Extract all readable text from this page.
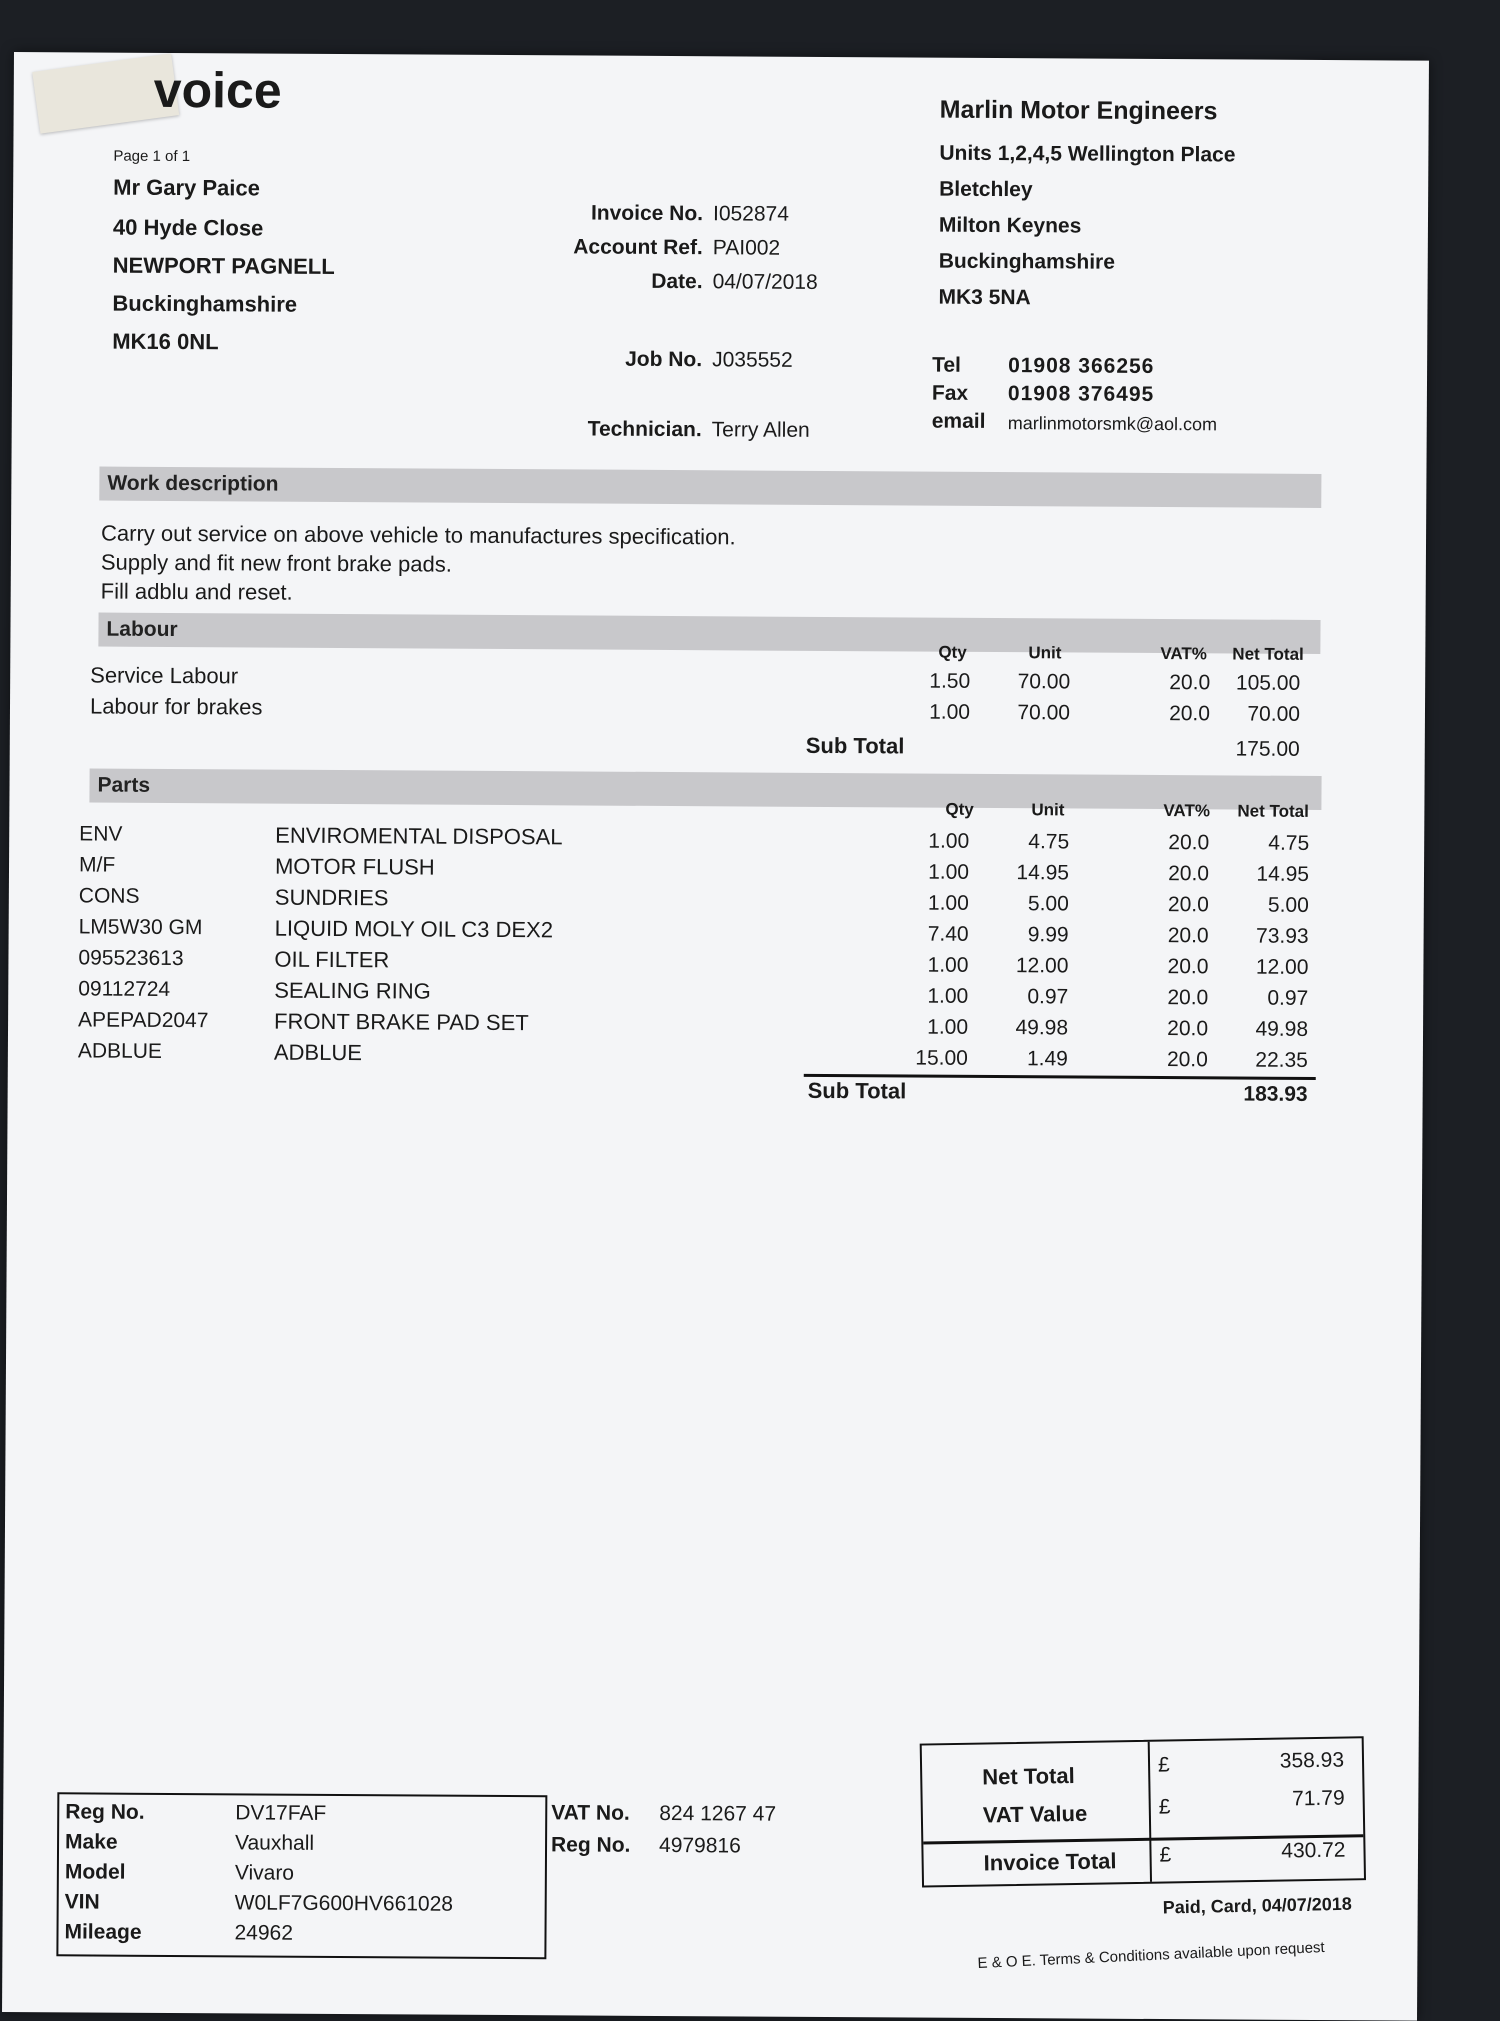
voice
Page 1 of 1
Mr Gary Paice
40 Hyde Close
NEWPORT PAGNELL
Buckinghamshire
MK16 0NL
Invoice No. I052874
Account Ref. PAI002
Date. 04/07/2018
Job No. J035552
Technician. Terry Allen
Marlin Motor Engineers
Units 1,2,4,5 Wellington Place
Bletchley
Milton Keynes
Buckinghamshire
MK3 5NA
Tel 01908 366256
Fax 01908 376495
email marlinmotorsmk@aol.com
Work description
Carry out service on above vehicle to manufactures specification.
Supply and fit new front brake pads.
Fill adblu and reset.
Labour
Qty	Unit	VAT% Net Total
Service Labour	1.50	70.00	20.0	105.00
Labour for brakes	1.00	70.00	20.0	70.00
Sub Total	175.00
Parts
Qty	Unit	VAT% Net Total
ENV	ENVIROMENTAL DISPOSAL	1.00	4.75	20.0	4.75
M/F	MOTOR FLUSH	1.00	14.95	20.0	14.95
CONS	SUNDRIES	1.00	5.00	20.0	5.00
LM5W30 GM	LIQUID MOLY OIL C3 DEX2	7.40	9.99	20.0	73.93
095523613	OIL FILTER	1.00	12.00	20.0	12.00
09112724	SEALING RING	1.00	0.97	20.0	0.97
APEPAD2047	FRONT BRAKE PAD SET	1.00	49.98	20.0	49.98
ADBLUE	ADBLUE	15.00	1.49	20.0	22.35
Sub Total	183.93
Reg No.	DV17FAF
Make	Vauxhall
Model	Vivaro
VIN	W0LF7G600HV661028
Mileage	24962
VAT No. 824 1267 47
Reg No. 4979816
Net Total	£	358.93
VAT Value	£	71.79
Invoice Total £	430.72
Paid, Card, 04/07/2018
E & O E. Terms & Conditions available upon request
